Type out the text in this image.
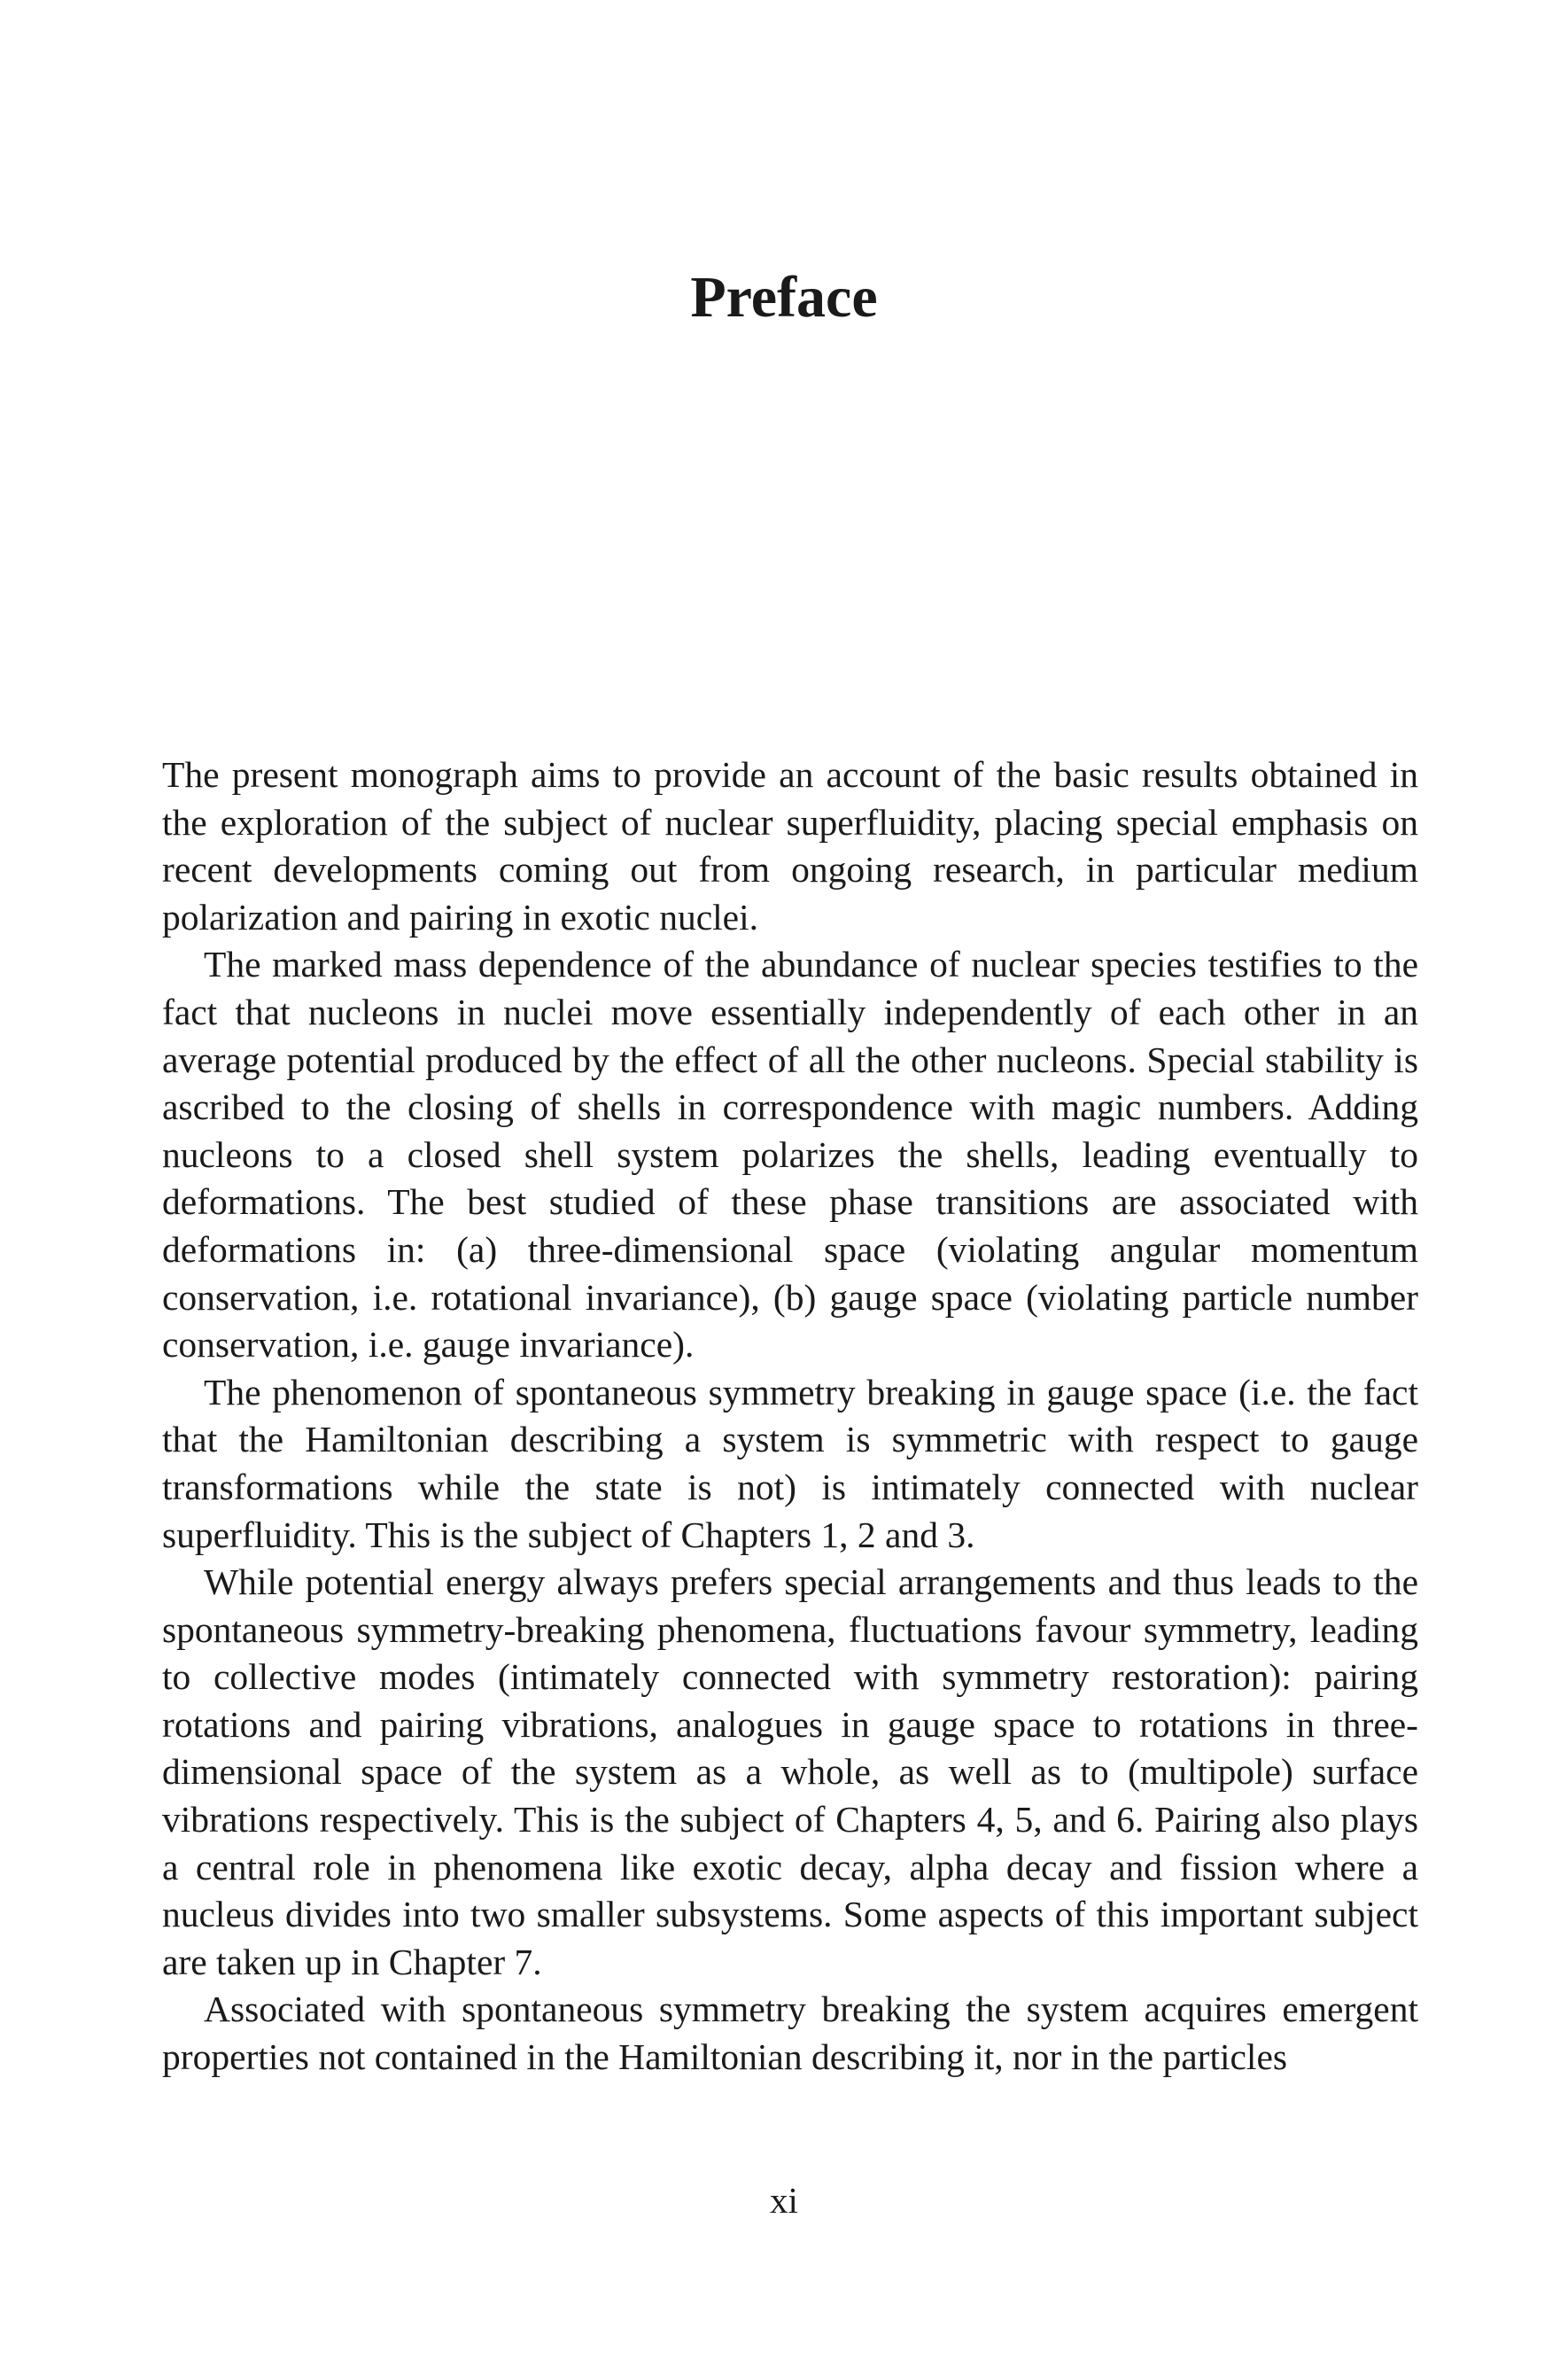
Preface

The present monograph aims to provide an account of the basic results obtained in the exploration of the subject of nuclear superfluidity, placing special emphasis on recent developments coming out from ongoing research, in particular medium polarization and pairing in exotic nuclei.

The marked mass dependence of the abundance of nuclear species testifies to the fact that nucleons in nuclei move essentially independently of each other in an average potential produced by the effect of all the other nucleons. Special stability is ascribed to the closing of shells in correspondence with magic numbers. Adding nucleons to a closed shell system polarizes the shells, leading eventually to deformations. The best studied of these phase transitions are associated with deformations in: (a) three-dimensional space (violating angular momentum conservation, i.e. rotational invariance), (b) gauge space (violating particle number conservation, i.e. gauge invariance).

The phenomenon of spontaneous symmetry breaking in gauge space (i.e. the fact that the Hamiltonian describing a system is symmetric with respect to gauge transformations while the state is not) is intimately connected with nuclear superfluidity. This is the subject of Chapters 1, 2 and 3.

While potential energy always prefers special arrangements and thus leads to the spontaneous symmetry-breaking phenomena, fluctuations favour symmetry, leading to collective modes (intimately connected with symmetry restoration): pairing rotations and pairing vibrations, analogues in gauge space to rotations in three-dimensional space of the system as a whole, as well as to (multipole) surface vibrations respectively. This is the subject of Chapters 4, 5, and 6. Pairing also plays a central role in phenomena like exotic decay, alpha decay and fission where a nucleus divides into two smaller subsystems. Some aspects of this important subject are taken up in Chapter 7.

Associated with spontaneous symmetry breaking the system acquires emergent properties not contained in the Hamiltonian describing it, nor in the particles

xi
